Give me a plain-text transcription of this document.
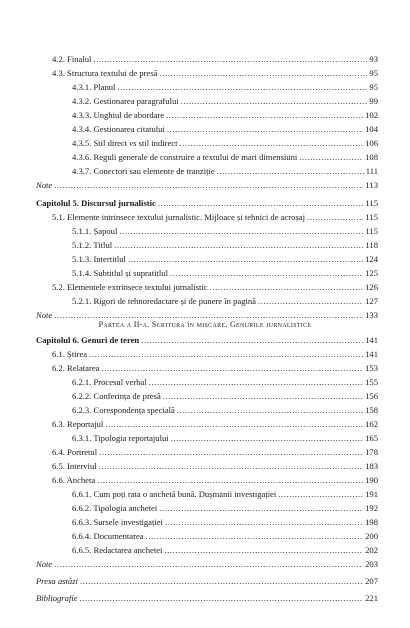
4.2. Finalul .....	93
4.3. Structura textului de presă .....	95
4.3.1. Planul .....	95
4.3.2. Gestionarea paragrafului .....	99
4.3.3. Unghiul de abordare .....	102
4.3.4. Gestionarea citatului .....	104
4.3.5. Stil direct vs stil indirect .....	106
4.3.6. Reguli generale de construire a textului de mari dimensiuni .....	108
4.3.7. Conectori sau elemente de tranziție .....	111
Note .....	113
Capitolul 5. Discursul jurnalistic .....	115
5.1. Elemente intrinsece textului jurnalistic. Mijloace și tehnici de acroșaj .....	115
5.1.1. Șapoul .....	115
5.1.2. Titlul .....	118
5.1.3. Intertitlul .....	124
5.1.4. Subtitlul și supratitlul .....	125
5.2. Elementele extrinsece textului jurnalistic .....	126
5.2.1. Rigori de tehnoredactare și de punere în pagină .....	127
Note .....	133
Capitolul 6. Genuri de teren .....	141
6.1. Știrea .....	141
6.2. Relatarea .....	153
6.2.1. Procesul verbal .....	155
6.2.2. Conferința de presă .....	156
6.2.3. Corespondența specială .....	158
6.3. Reportajul .....	162
6.3.1. Tipologia reportajului .....	165
6.4. Portretul .....	178
6.5. Interviul .....	183
6.6. Ancheta .....	190
6.6.1. Cum poți rata o anchetă bună. Dușmanii investigației .....	191
6.6.2. Tipologia anchetei .....	192
6.6.3. Sursele investigației .....	198
6.6.4. Documentarea .....	200
6.6.5. Redactarea anchetei .....	202
Note .....	203
Presa astăzi .....	207
Bibliografie .....	221
Partea a II-a. Scritura în mișcare. Genurile jurnalistice
